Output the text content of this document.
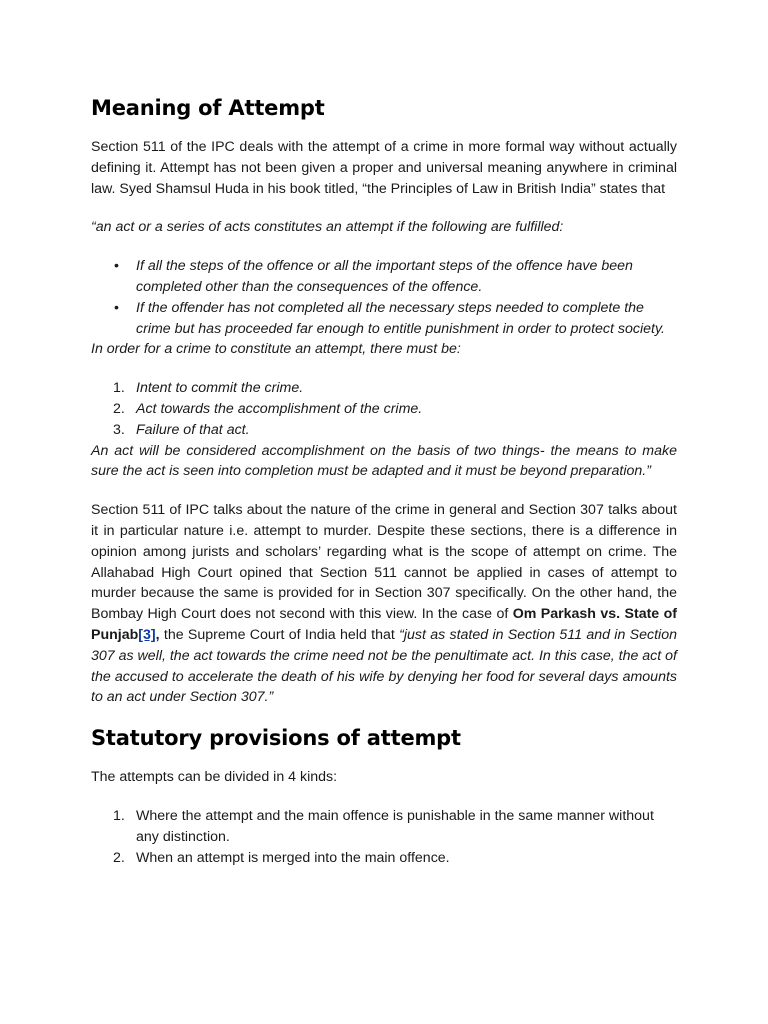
Meaning of Attempt

Section 511 of the IPC deals with the attempt of a crime in more formal way without actually defining it. Attempt has not been given a proper and universal meaning anywhere in criminal law. Syed Shamsul Huda in his book titled, “the Principles of Law in British India” states that

“an act or a series of acts constitutes an attempt if the following are fulfilled:

• If all the steps of the offence or all the important steps of the offence have been completed other than the consequences of the offence.
• If the offender has not completed all the necessary steps needed to complete the crime but has proceeded far enough to entitle punishment in order to protect society.

In order for a crime to constitute an attempt, there must be:

1. Intent to commit the crime.
2. Act towards the accomplishment of the crime.
3. Failure of that act.

An act will be considered accomplishment on the basis of two things- the means to make sure the act is seen into completion must be adapted and it must be beyond preparation.”

Section 511 of IPC talks about the nature of the crime in general and Section 307 talks about it in particular nature i.e. attempt to murder. Despite these sections, there is a difference in opinion among jurists and scholars’ regarding what is the scope of attempt on crime. The Allahabad High Court opined that Section 511 cannot be applied in cases of attempt to murder because the same is provided for in Section 307 specifically. On the other hand, the Bombay High Court does not second with this view. In the case of Om Parkash vs. State of Punjab[3], the Supreme Court of India held that “just as stated in Section 511 and in Section 307 as well, the act towards the crime need not be the penultimate act. In this case, the act of the accused to accelerate the death of his wife by denying her food for several days amounts to an act under Section 307.”

Statutory provisions of attempt

The attempts can be divided in 4 kinds:

1. Where the attempt and the main offence is punishable in the same manner without any distinction.
2. When an attempt is merged into the main offence.
